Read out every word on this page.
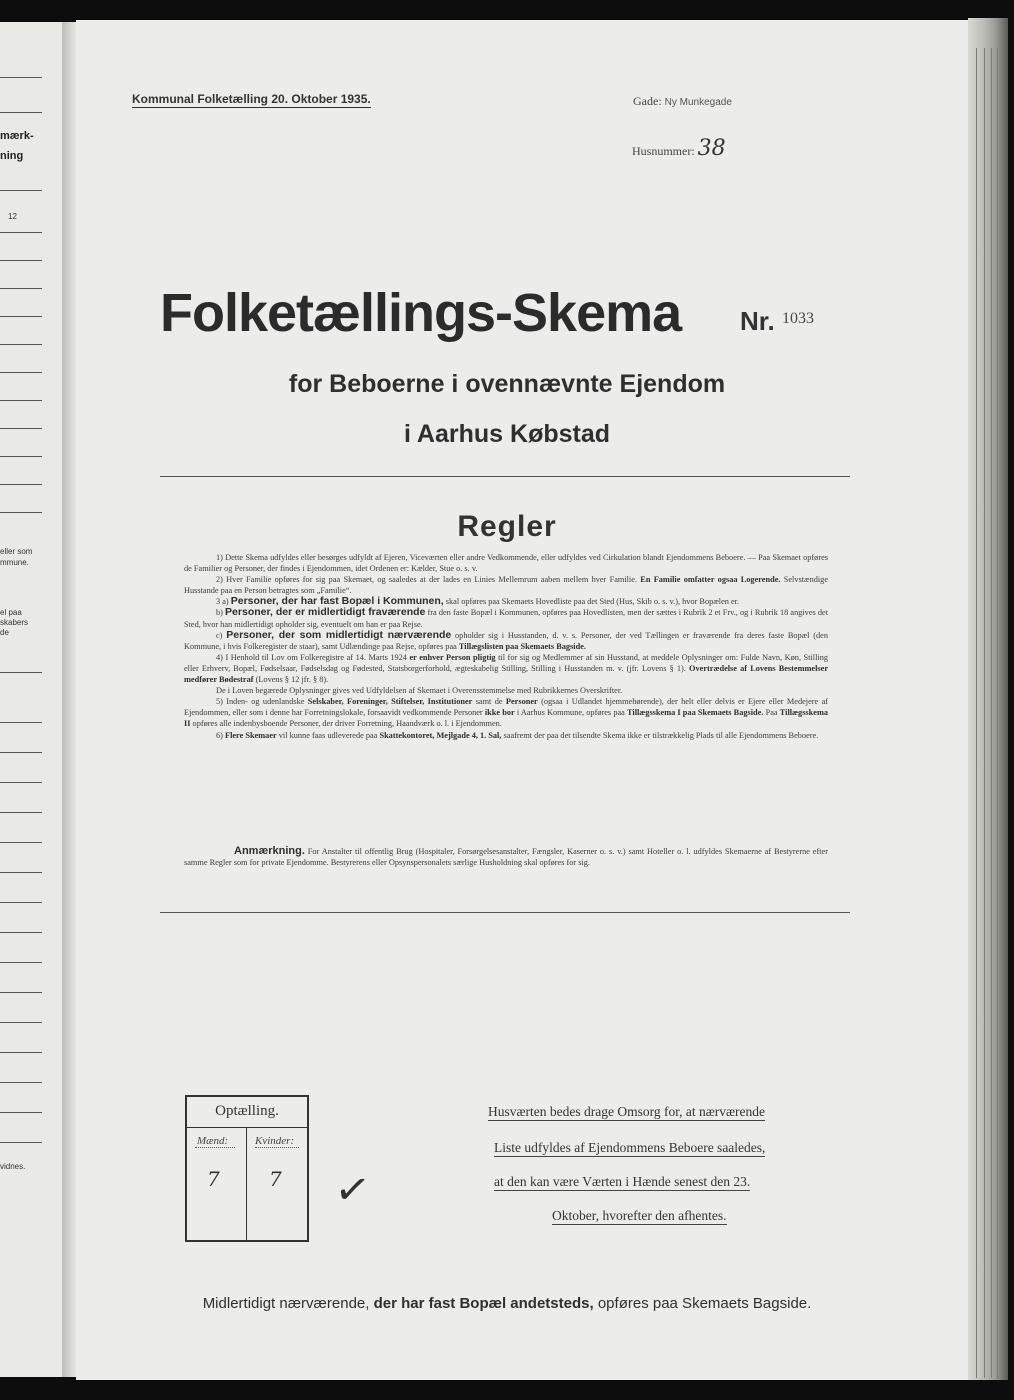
mærk-
ning
12
eller som
mmune.
el paa
skabers
de
vidnes.
Kommunal Folketælling 20. Oktober 1935.	Gade: Ny Munkegade
Husnummer: 38
Folketællings-Skema Nr. 1033
for Beboerne i ovennævnte Ejendom
i Aarhus Købstad
Regler

1) Dette Skema udfyldes eller besørges udfyldt af Ejeren, Viceværten eller andre Vedkommende, eller udfyldes ved Cirkulation blandt Ejendommens Beboere. — Paa Skemaet opføres de Familier og Personer, der findes i Ejendommen, idet Ordenen er: Kælder, Stue o. s. v.

2) Hver Familie opføres for sig paa Skemaet, og saaledes at der lades en Linies Mellemrum aaben mellem hver Familie. En Familie omfatter ogsaa Logerende. Selvstændige Husstande paa en Person betragtes som „Familie“.

3 a) Personer, der har fast Bopæl i Kommunen, skal opføres paa Skemaets Hovedliste paa det Sted (Hus, Skib o. s. v.), hvor Bopælen er.

b) Personer, der er midlertidigt fraværende fra den faste Bopæl i Kommunen, opføres paa Hovedlisten, men der sættes i Rubrik 2 et Frv., og i Rubrik 18 angives det Sted, hvor han midlertidigt opholder sig, eventuelt om han er paa Rejse.

c) Personer, der som midlertidigt nærværende opholder sig i Husstanden, d. v. s. Personer, der ved Tællingen er fraværende fra deres faste Bopæl (den Kommune, i hvis Folkeregister de staar), samt Udlændinge paa Rejse, opføres paa Tillægslisten paa Skemaets Bagside.

4) I Henhold til Lov om Folkeregistre af 14. Marts 1924 er enhver Person pligtig til for sig og Medlemmer af sin Husstand, at meddele Oplysninger om: Fulde Navn, Køn, Stilling eller Erhverv, Bopæl, Fødselsaar, Fødselsdag og Fødested, Statsborgerforhold, ægteskabelig Stilling, Stilling i Husstanden m. v. (jfr. Lovens § 1). Overtrædelse af Lovens Bestemmelser medfører Bødestraf (Lovens § 12 jfr. § 8).

De i Loven begærede Oplysninger gives ved Udfyldelsen af Skemaet i Overensstemmelse med Rubrikkernes Overskrifter.

5) Inden- og udenlandske Selskaber, Foreninger, Stiftelser, Institutioner samt de Personer (ogsaa i Udlandet hjemmehørende), der helt eller delvis er Ejere eller Medejere af Ejendommen, eller som i denne har Forretningslokale, forsaavidt vedkommende Personer ikke bor i Aarhus Kommune, opføres paa Tillægsskema I paa Skemaets Bagside. Paa Tillægsskema II opføres alle indenbysboende Personer, der driver Forretning, Haandværk o. l. i Ejendommen.

6) Flere Skemaer vil kunne faas udleverede paa Skattekontoret, Mejlgade 4, 1. Sal, saafremt der paa det tilsendte Skema ikke er tilstrækkelig Plads til alle Ejendommens Beboere.

Anmærkning. For Anstalter til offentlig Brug (Hospitaler, Forsørgelsesanstalter, Fængsler, Kaserner o. s. v.) samt Hoteller o. l. udfyldes Skemaerne af Bestyrerne efter samme Regler som for private Ejendomme. Bestyrerens eller Opsynspersonalets særlige Husholdning skal opføres for sig.
Optælling.
Mænd: Kvinder:
7 7 ✓
Husværten bedes drage Omsorg for, at nærværende
Liste udfyldes af Ejendommens Beboere saaledes,
at den kan være Værten i Hænde senest den 23.
Oktober, hvorefter den afhentes.
Midlertidigt nærværende, der har fast Bopæl andetsteds, opføres paa Skemaets Bagside.
